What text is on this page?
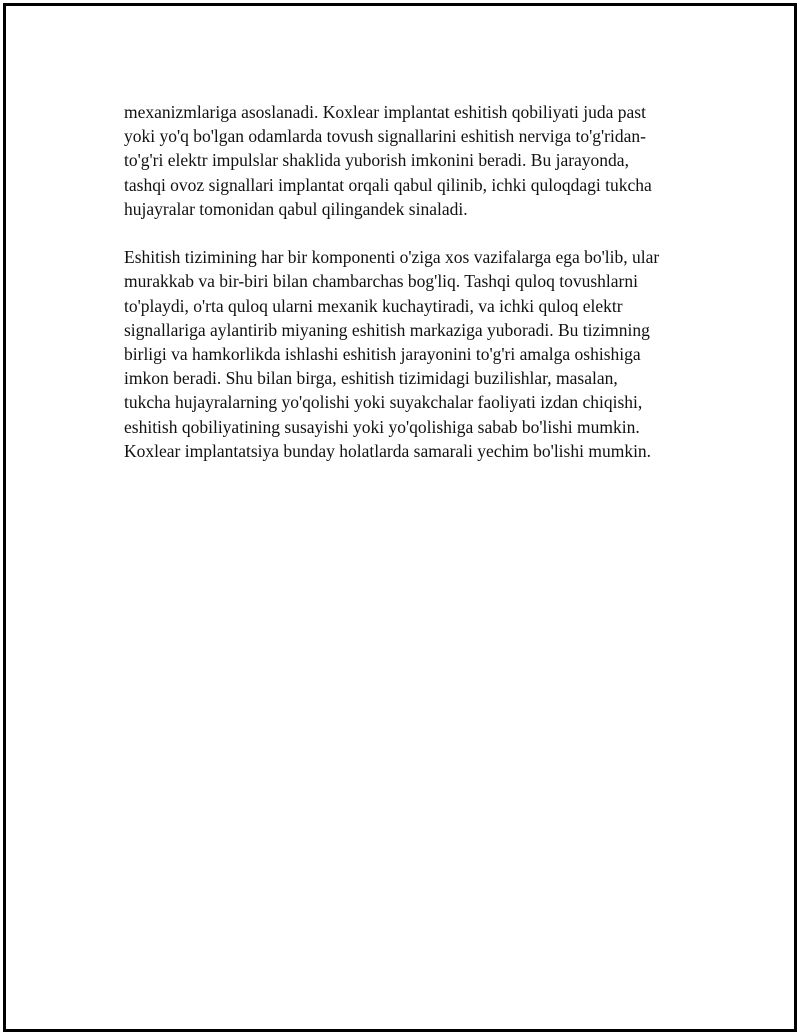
mexanizmlariga asoslanadi. Koxlear implantat eshitish qobiliyati juda past
yoki yo'q bo'lgan odamlarda tovush signallarini eshitish nerviga to'g'ridan-
to'g'ri elektr impulslar shaklida yuborish imkonini beradi. Bu jarayonda,
tashqi ovoz signallari implantat orqali qabul qilinib, ichki quloqdagi tukcha
hujayralar tomonidan qabul qilingandek sinaladi.
Eshitish tizimining har bir komponenti o'ziga xos vazifalarga ega bo'lib, ular
murakkab va bir-biri bilan chambarchas bog'liq. Tashqi quloq tovushlarni
to'playdi, o'rta quloq ularni mexanik kuchaytiradi, va ichki quloq elektr
signallariga aylantirib miyaning eshitish markaziga yuboradi. Bu tizimning
birligi va hamkorlikda ishlashi eshitish jarayonini to'g'ri amalga oshishiga
imkon beradi. Shu bilan birga, eshitish tizimidagi buzilishlar, masalan,
tukcha hujayralarning yo'qolishi yoki suyakchalar faoliyati izdan chiqishi,
eshitish qobiliyatining susayishi yoki yo'qolishiga sabab bo'lishi mumkin.
Koxlear implantatsiya bunday holatlarda samarali yechim bo'lishi mumkin.
